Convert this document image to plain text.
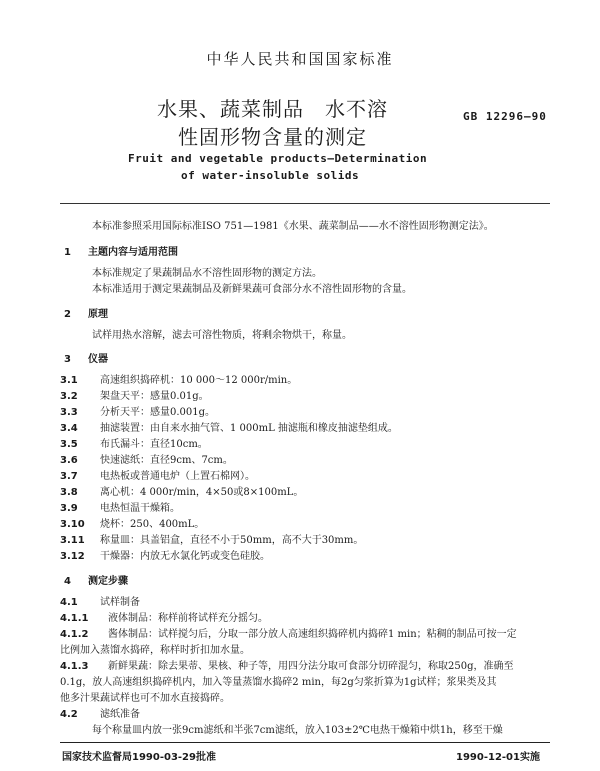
中华人民共和国国家标准
水果、蔬菜制品　水不溶
性固形物含量的测定
GB 12296—90
Fruit and vegetable products—Determination
of water-insoluble solids
本标准参照采用国际标准ISO 751—1981《水果、蔬菜制品——水不溶性固形物测定法》。
1 主题内容与适用范围
本标准规定了果蔬制品水不溶性固形物的测定方法。
本标准适用于测定果蔬制品及新鲜果蔬可食部分水不溶性固形物的含量。
2 原理
试样用热水溶解，滤去可溶性物质，将剩余物烘干，称量。
3 仪器
3.1 高速组织捣碎机：10 000～12 000r/min。
3.2 架盘天平：感量0.01g。
3.3 分析天平：感量0.001g。
3.4 抽滤装置：由自来水抽气管、1 000mL 抽滤瓶和橡皮抽滤垫组成。
3.5 布氏漏斗：直径10cm。
3.6 快速滤纸：直径9cm、7cm。
3.7 电热板或普通电炉（上置石棉网）。
3.8 离心机：4 000r/min，4×50或8×100mL。
3.9 电热恒温干燥箱。
3.10 烧杯：250、400mL。
3.11 称量皿：具盖铝盒，直径不小于50mm，高不大于30mm。
3.12 干燥器：内放无水氯化钙或变色硅胶。
4 测定步骤
4.1 试样制备
4.1.1 液体制品：称样前将试样充分摇匀。
4.1.2 酱体制品：试样搅匀后，分取一部分放人高速组织捣碎机内捣碎1 min；粘稠的制品可按一定
比例加入蒸馏水捣碎，称样时折扣加水量。
4.1.3 新鲜果蔬：除去果蒂、果核、种子等，用四分法分取可食部分切碎混匀，称取250g，准确至
0.1g，放人高速组织捣碎机内，加入等量蒸馏水捣碎2 min，每2g匀浆折算为1g试样；浆果类及其
他多汁果蔬试样也可不加水直接捣碎。
4.2 滤纸准备
每个称量皿内放一张9cm滤纸和半张7cm滤纸，放入103±2℃电热干燥箱中烘1h，移至干燥
国家技术监督局1990-03-29批准	1990-12-01实施
